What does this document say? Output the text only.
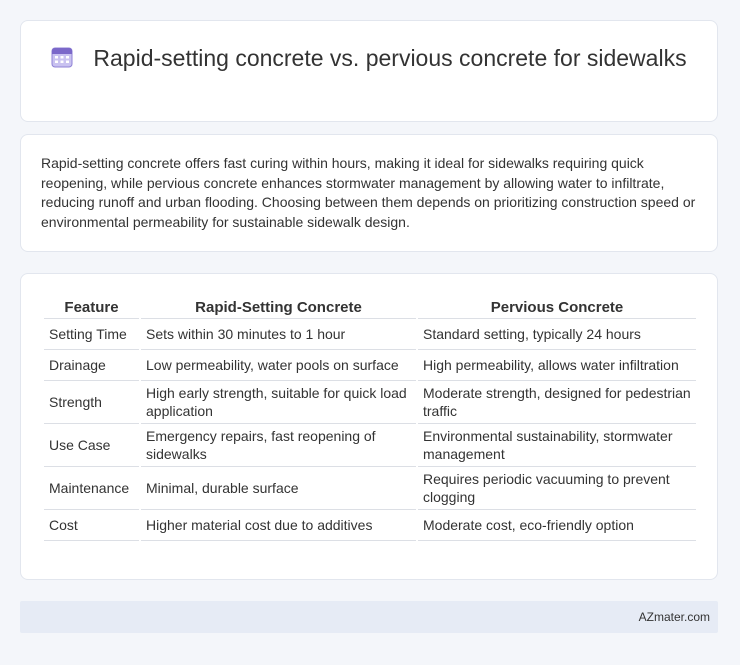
Rapid-setting concrete vs. pervious concrete for sidewalks
Rapid-setting concrete offers fast curing within hours, making it ideal for sidewalks requiring quick reopening, while pervious concrete enhances stormwater management by allowing water to infiltrate, reducing runoff and urban flooding. Choosing between them depends on prioritizing construction speed or environmental permeability for sustainable sidewalk design.
Feature	Rapid-Setting Concrete	Pervious Concrete
Setting Time	Sets within 30 minutes to 1 hour	Standard setting, typically 24 hours
Drainage	Low permeability, water pools on surface	High permeability, allows water infiltration
Strength	High early strength, suitable for quick load application	Moderate strength, designed for pedestrian traffic
Use Case	Emergency repairs, fast reopening of sidewalks	Environmental sustainability, stormwater management
Maintenance	Minimal, durable surface	Requires periodic vacuuming to prevent clogging
Cost	Higher material cost due to additives	Moderate cost, eco-friendly option
AZmater.com
